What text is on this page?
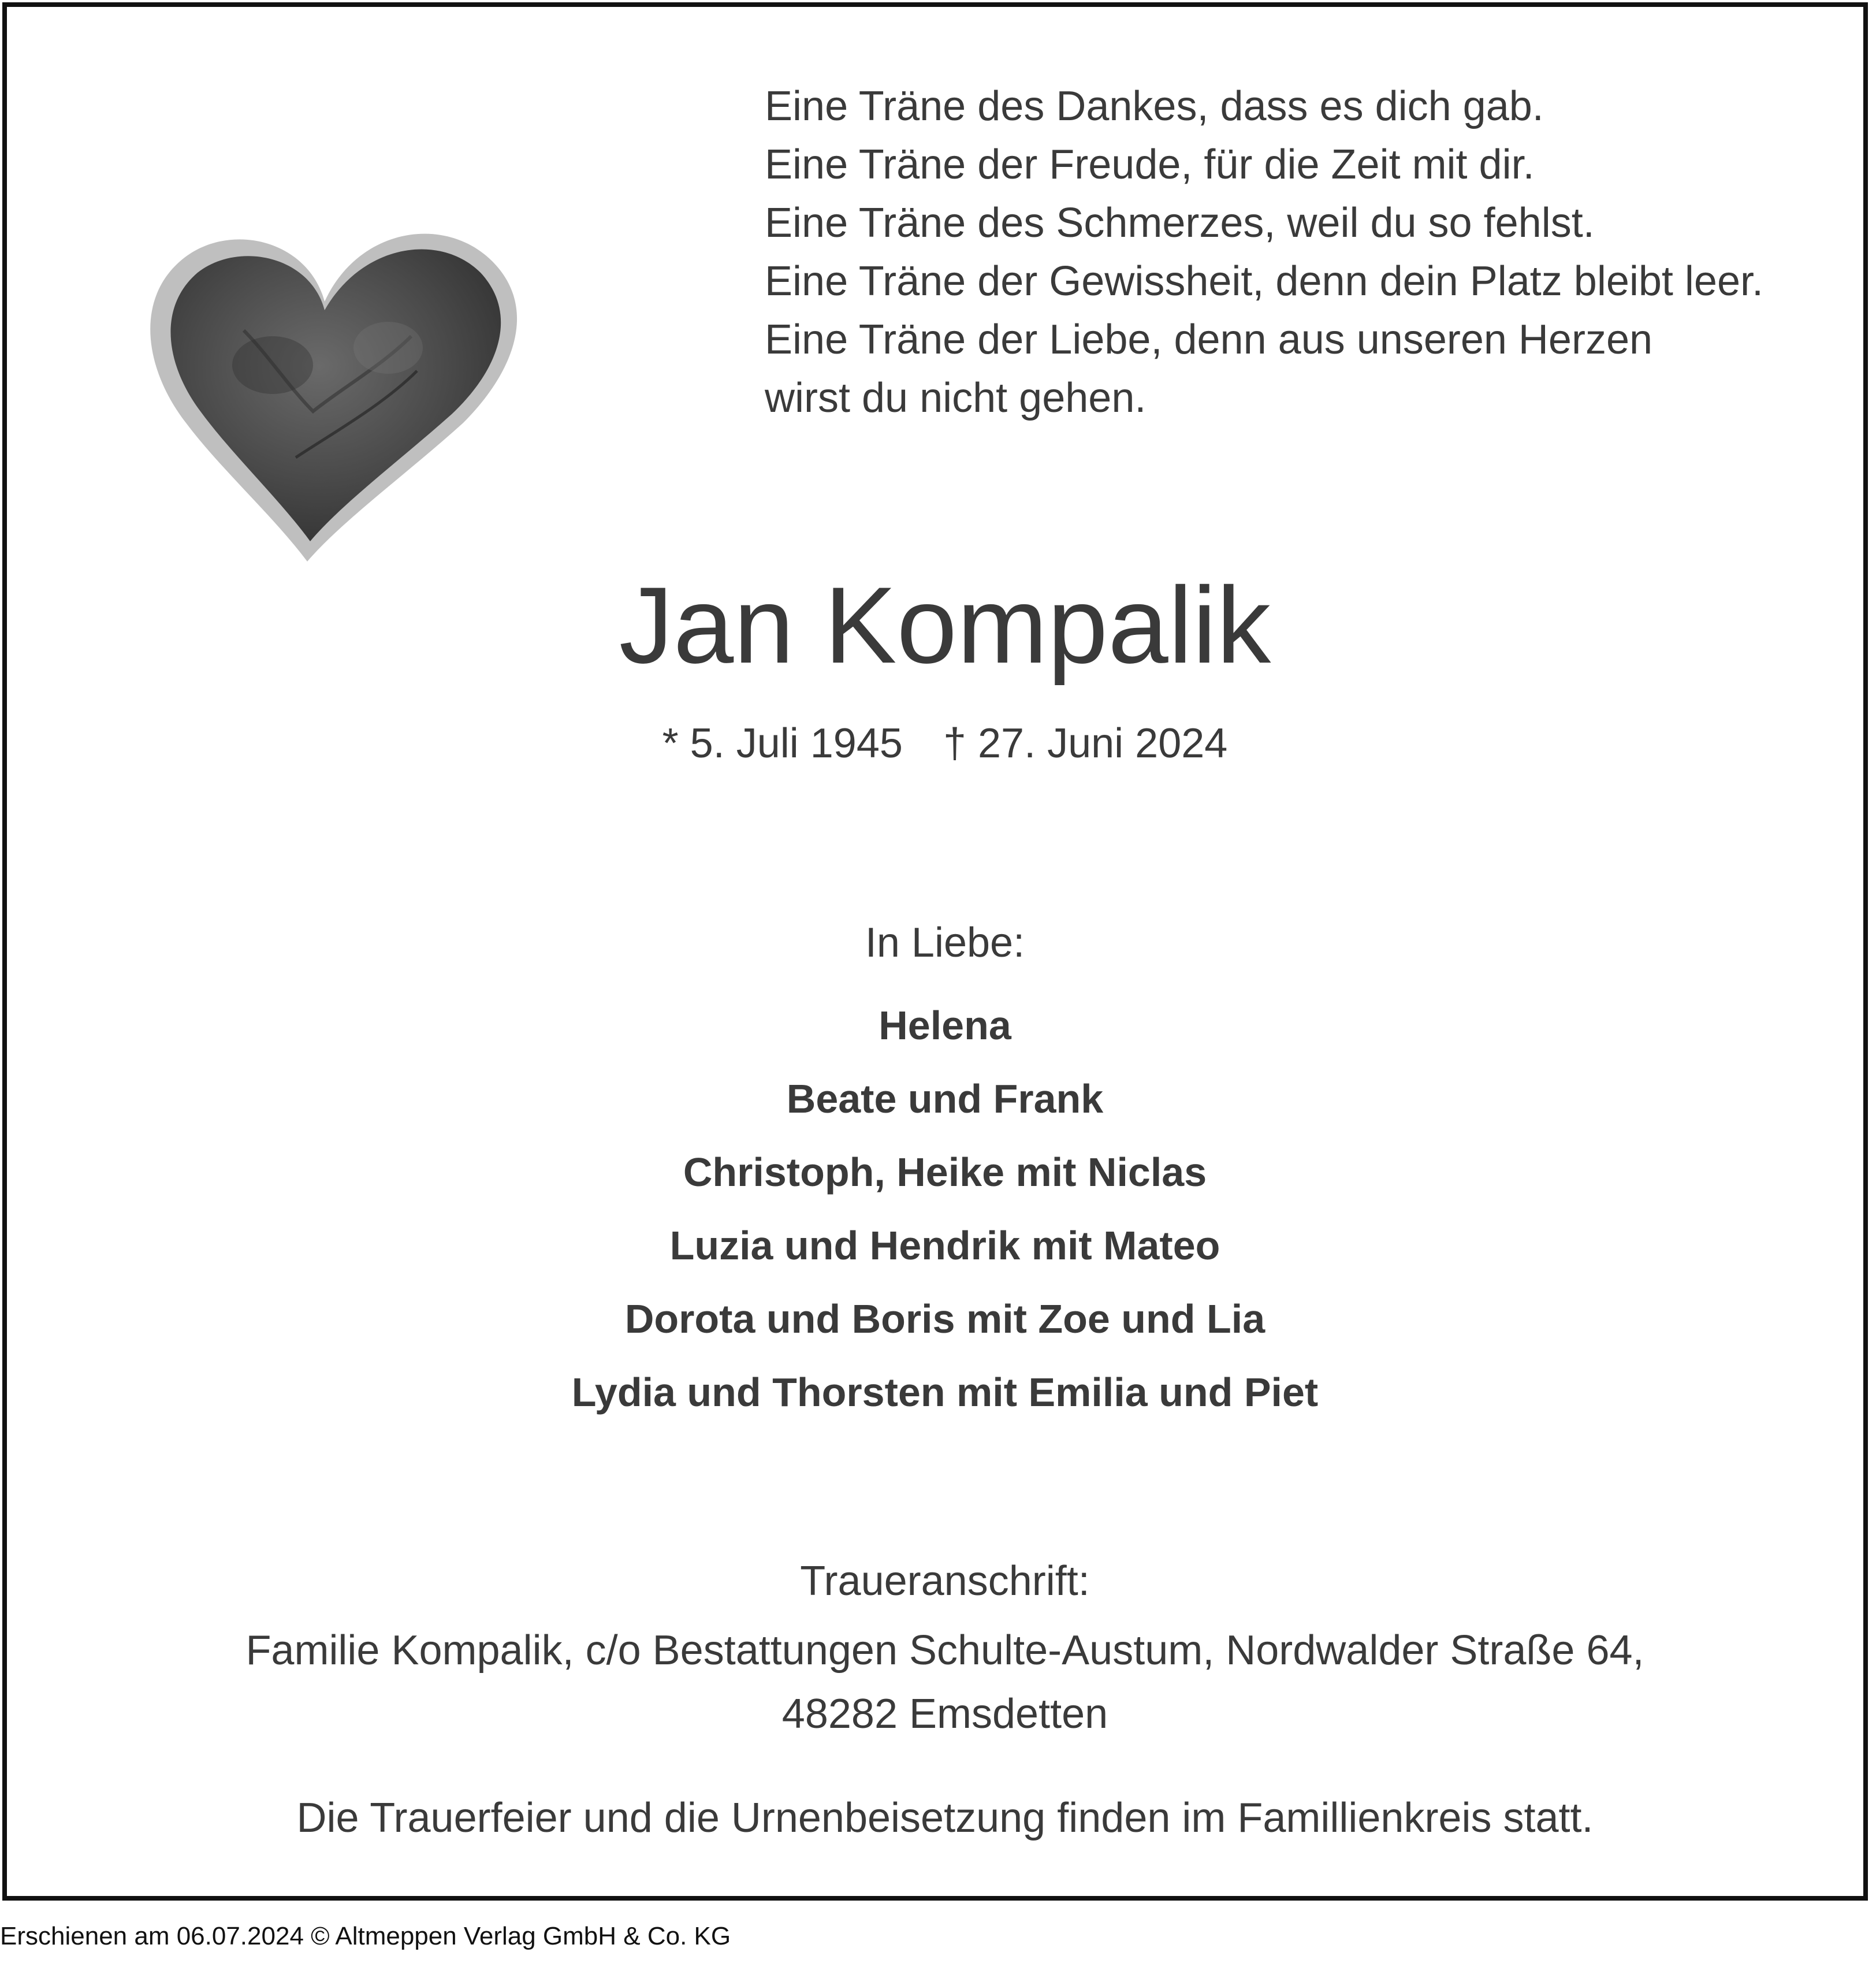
Eine Träne des Dankes, dass es dich gab.
Eine Träne der Freude, für die Zeit mit dir.
Eine Träne des Schmerzes, weil du so fehlst.
Eine Träne der Gewissheit, denn dein Platz bleibt leer.
Eine Träne der Liebe, denn aus unseren Herzen
wirst du nicht gehen.
Jan Kompalik
* 5. Juli 1945 † 27. Juni 2024
In Liebe:
Helena
Beate und Frank
Christoph, Heike mit Niclas
Luzia und Hendrik mit Mateo
Dorota und Boris mit Zoe und Lia
Lydia und Thorsten mit Emilia und Piet
Traueranschrift:
Familie Kompalik, c/o Bestattungen Schulte-Austum, Nordwalder Straße 64,
48282 Emsdetten
Die Trauerfeier und die Urnenbeisetzung finden im Famillienkreis statt.
Erschienen am 06.07.2024 © Altmeppen Verlag GmbH & Co. KG
